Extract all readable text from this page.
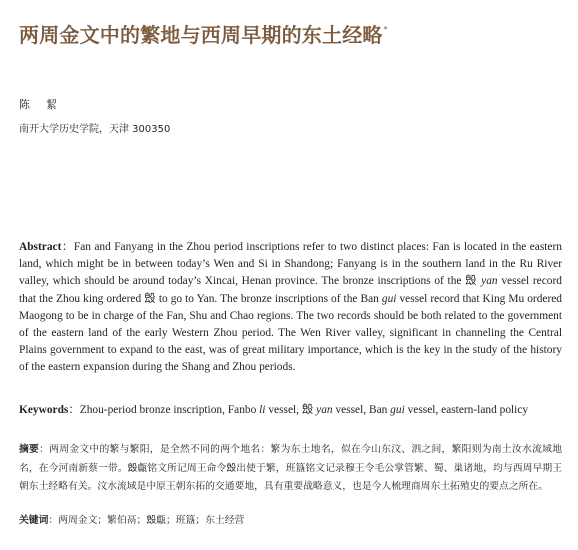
两周金文中的繁地与西周早期的东土经略*
陈絜
南开大学历史学院，天津 300350

Abstract：Fan and Fanyang in the Zhou period inscriptions refer to two distinct places: Fan is located in the eastern land, which might be in between today’s Wen and Si in Shandong; Fanyang is in the southern land in the Ru River valley, which should be around today’s Xincai, Henan province. The bronze inscriptions of the 𣪕 yan vessel record that the Zhou king ordered 𣪕 to go to Yan. The bronze inscriptions of the Ban gui vessel record that King Mu ordered Maogong to be in charge of the Fan, Shu and Chao regions. The two records should be both related to the government of the eastern land of the early Western Zhou period. The Wen River valley, significant in channeling the Central Plains government to expand to the east, was of great military importance, which is the key in the study of the history of the eastern expansion during the Shang and Zhou periods.

Keywords：Zhou-period bronze inscription, Fanbo li vessel, 𣪕 yan vessel, Ban gui vessel, eastern-land policy

摘要：两周金文中的繁与繁阳，是全然不同的两个地名：繁为东土地名，似在今山东汶、泗之间，繁阳则为南土汝水流域地名，在今河南新蔡一带。𣪕甗铭文所记周王命令𣪕出使于繁，班簋铭文记录穆王令毛公掌管繁、蜀、巢诸地，均与西周早期王朝东土经略有关。汶水流域是中原王朝东拓的交通要地，具有重要战略意义，也是今人梳理商周东土拓殖史的要点之所在。

关键词：两周金文；繁伯鬲；𣪕甗；班簋；东土经营
